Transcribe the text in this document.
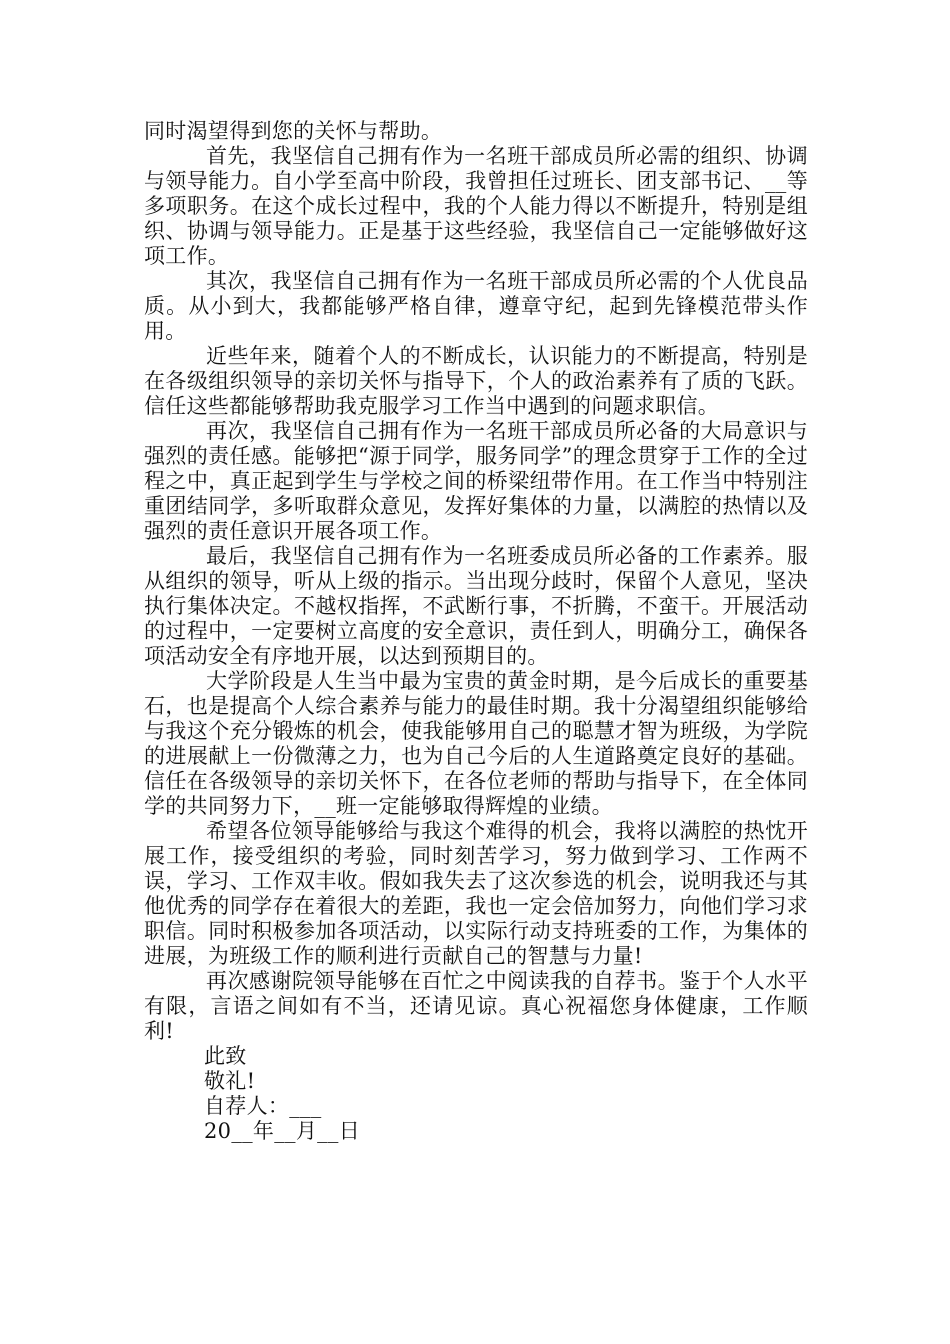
同时渴望得到您的关怀与帮助。

首先，我坚信自己拥有作为一名班干部成员所必需的组织、协调与领导能力。自小学至高中阶段，我曾担任过班长、团支部书记、__等多项职务。在这个成长过程中，我的个人能力得以不断提升，特别是组织、协调与领导能力。正是基于这些经验，我坚信自己一定能够做好这项工作。

其次，我坚信自己拥有作为一名班干部成员所必需的个人优良品质。从小到大，我都能够严格自律，遵章守纪，起到先锋模范带头作用。

近些年来，随着个人的不断成长，认识能力的不断提高，特别是在各级组织领导的亲切关怀与指导下，个人的政治素养有了质的飞跃。信任这些都能够帮助我克服学习工作当中遇到的问题求职信。

再次，我坚信自己拥有作为一名班干部成员所必备的大局意识与强烈的责任感。能够把“源于同学，服务同学”的理念贯穿于工作的全过程之中，真正起到学生与学校之间的桥梁纽带作用。在工作当中特别注重团结同学，多听取群众意见，发挥好集体的力量，以满腔的热情以及强烈的责任意识开展各项工作。

最后，我坚信自己拥有作为一名班委成员所必备的工作素养。服从组织的领导，听从上级的指示。当出现分歧时，保留个人意见，坚决执行集体决定。不越权指挥，不武断行事，不折腾，不蛮干。开展活动的过程中，一定要树立高度的安全意识，责任到人，明确分工，确保各项活动安全有序地开展，以达到预期目的。

大学阶段是人生当中最为宝贵的黄金时期，是今后成长的重要基石，也是提高个人综合素养与能力的最佳时期。我十分渴望组织能够给与我这个充分锻炼的机会，使我能够用自己的聪慧才智为班级，为学院的进展献上一份微薄之力，也为自己今后的人生道路奠定良好的基础。信任在各级领导的亲切关怀下，在各位老师的帮助与指导下，在全体同学的共同努力下，__班一定能够取得辉煌的业绩。

希望各位领导能够给与我这个难得的机会，我将以满腔的热忱开展工作，接受组织的考验，同时刻苦学习，努力做到学习、工作两不误，学习、工作双丰收。假如我失去了这次参选的机会，说明我还与其他优秀的同学存在着很大的差距，我也一定会倍加努力，向他们学习求职信。同时积极参加各项活动，以实际行动支持班委的工作，为集体的进展，为班级工作的顺利进行贡献自己的智慧与力量!

再次感谢院领导能够在百忙之中阅读我的自荐书。鉴于个人水平有限，言语之间如有不当，还请见谅。真心祝福您身体健康，工作顺利!

此致
敬礼!
自荐人：___
20__年__月__日
